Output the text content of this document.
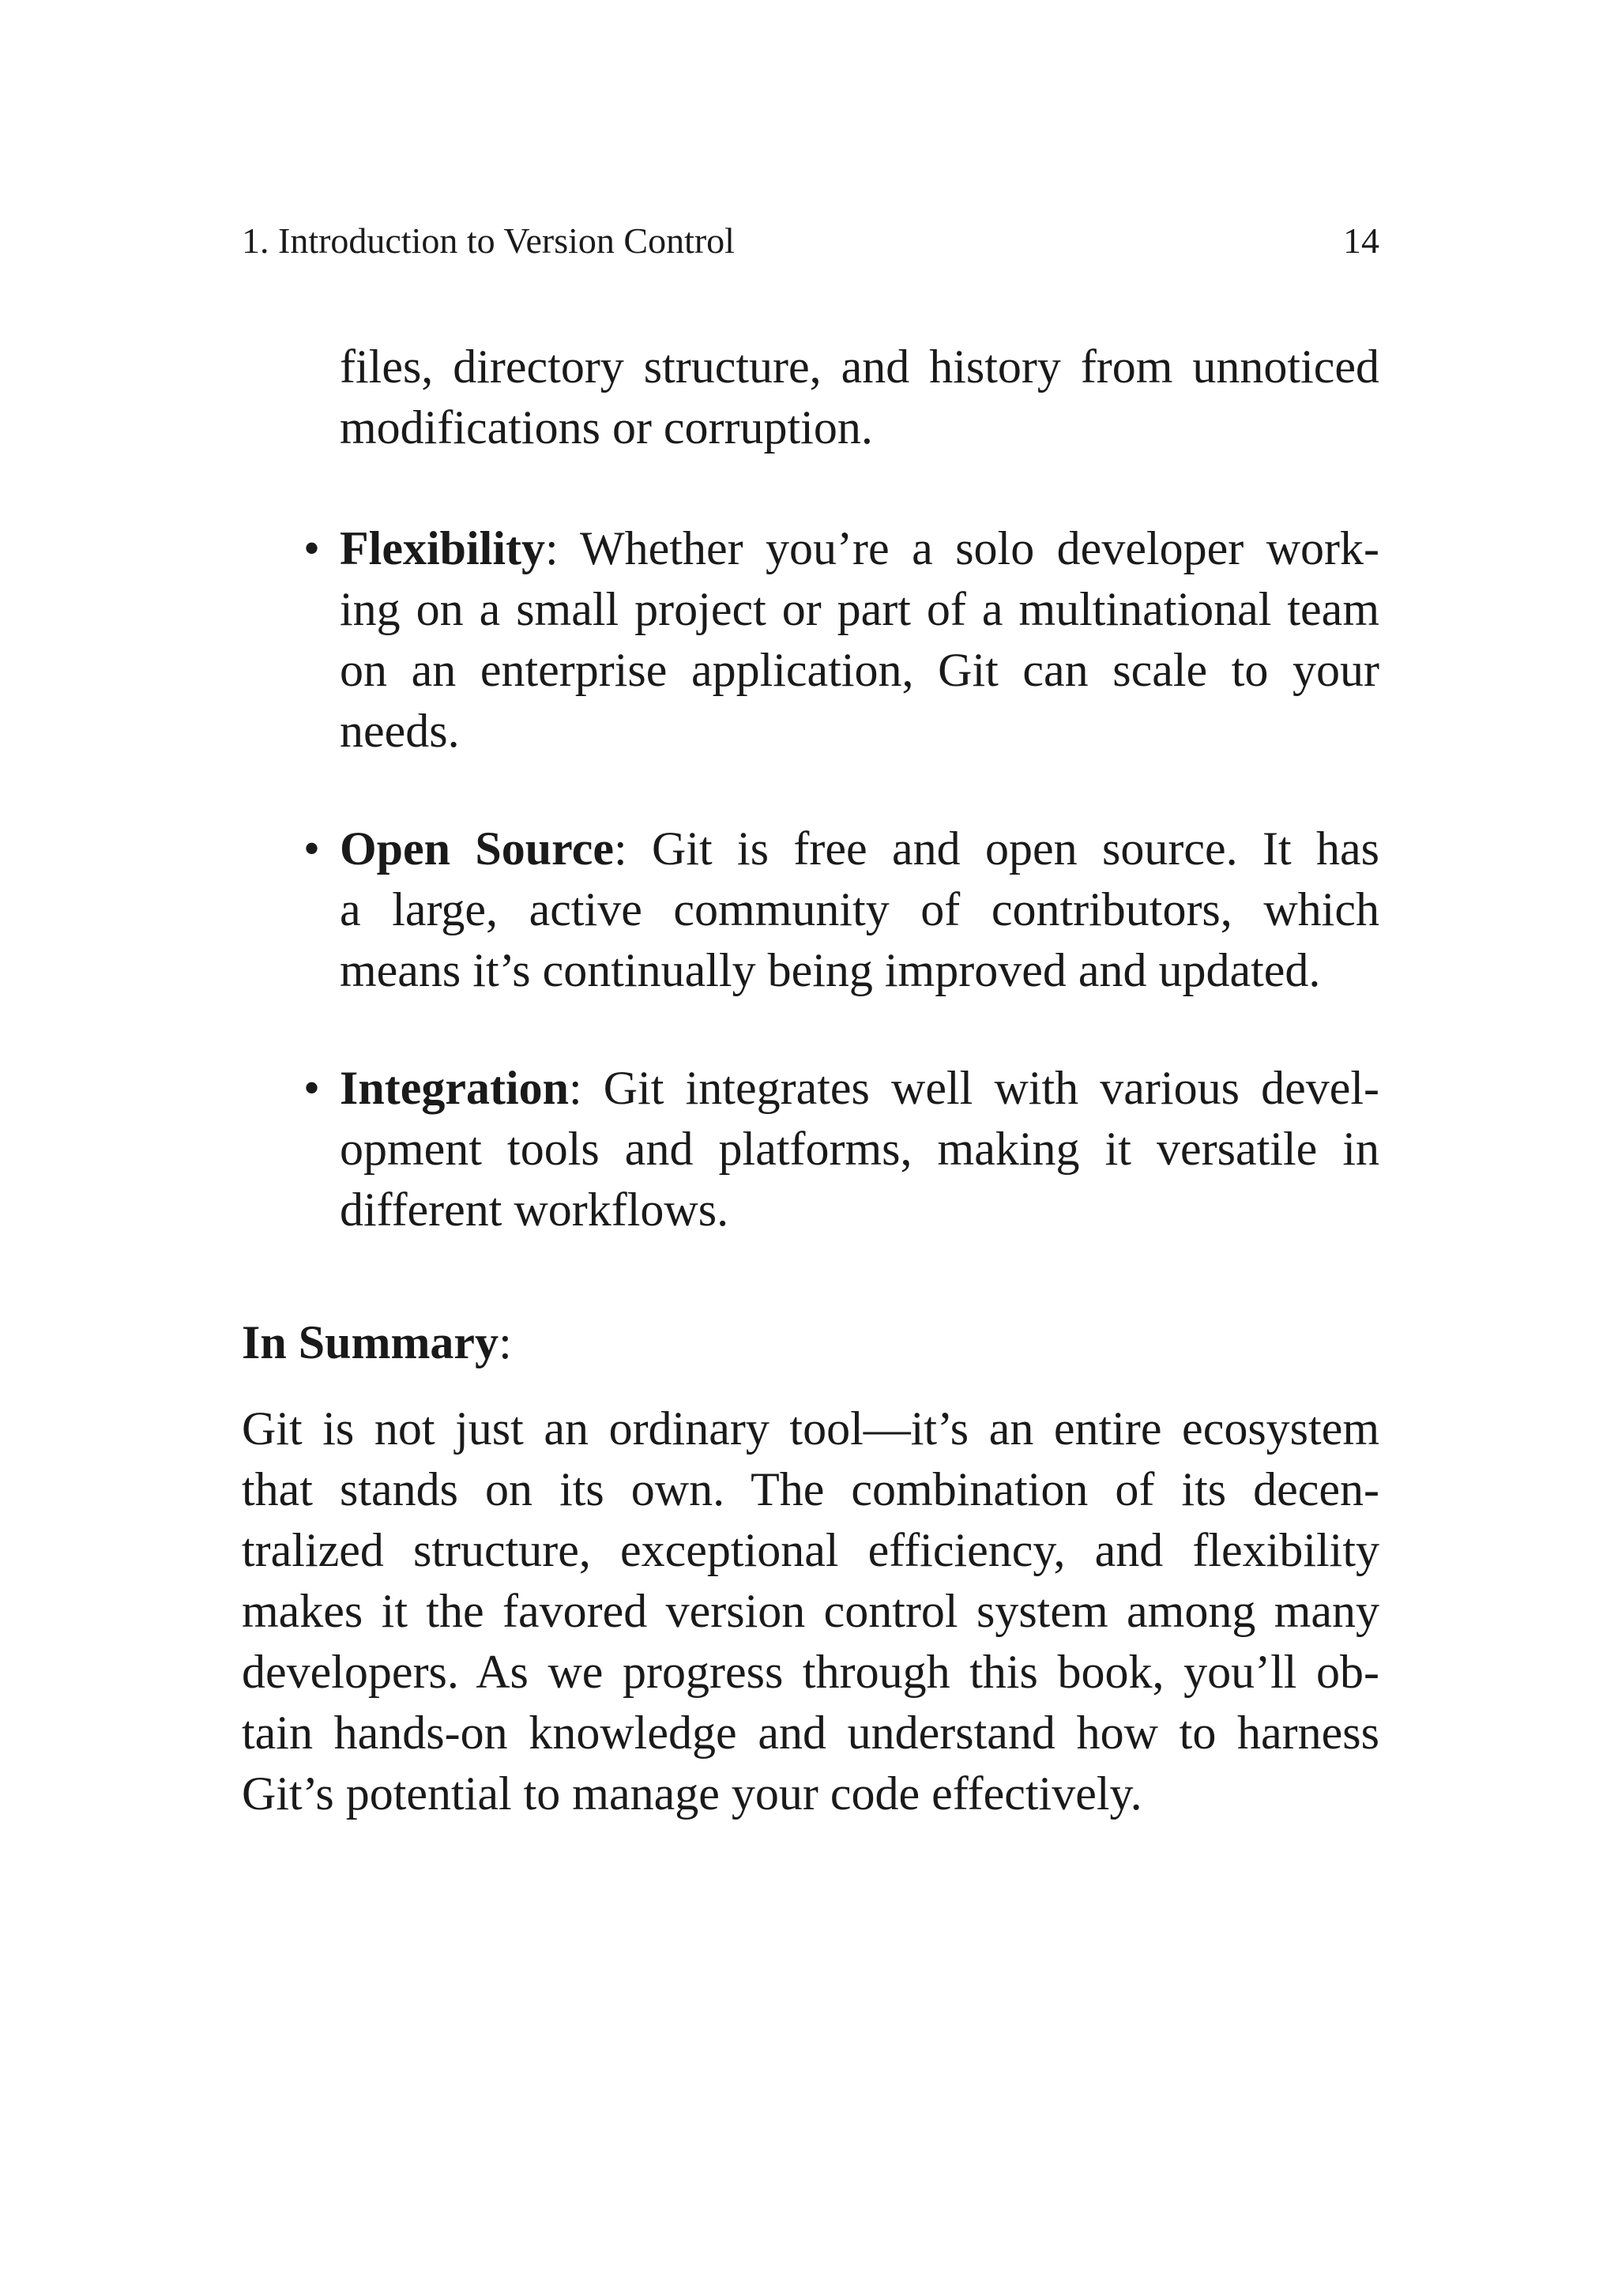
1. Introduction to Version Control	14
files, directory structure, and history from unnoticed
modifications or corruption.
• Flexibility: Whether you’re a solo developer work-
ing on a small project or part of a multinational team
on an enterprise application, Git can scale to your
needs.
• Open Source: Git is free and open source. It has
a large, active community of contributors, which
means it’s continually being improved and updated.
• Integration: Git integrates well with various devel-
opment tools and platforms, making it versatile in
different workflows.

In Summary:

Git is not just an ordinary tool—it’s an entire ecosystem
that stands on its own. The combination of its decen-
tralized structure, exceptional efficiency, and flexibility
makes it the favored version control system among many
developers. As we progress through this book, you’ll ob-
tain hands-on knowledge and understand how to harness
Git’s potential to manage your code effectively.
